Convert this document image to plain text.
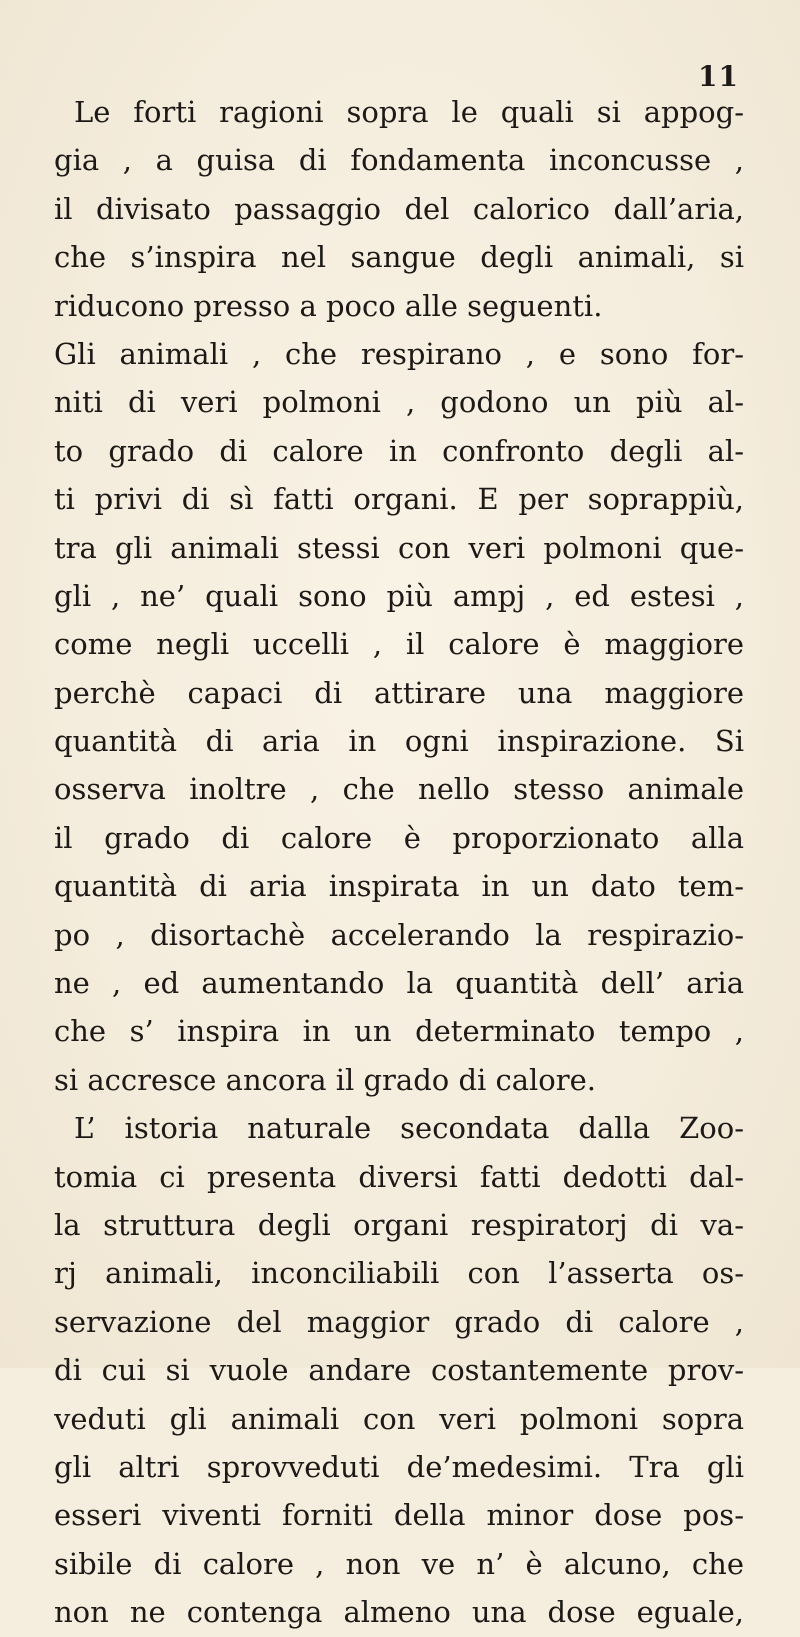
11
Le forti ragioni sopra le quali si appog-
gia , a guisa di fondamenta inconcusse ,
il divisato passaggio del calorico dall’aria,
che s’inspira nel sangue degli animali, si
riducono presso a poco alle seguenti.
Gli animali , che respirano , e sono for-
niti di veri polmoni , godono un più al-
to grado di calore in confronto degli al-
ti privi di sì fatti organi. E per soprappiù,
tra gli animali stessi con veri polmoni que-
gli , ne’ quali sono più ampj , ed estesi ,
come negli uccelli , il calore è maggiore
perchè capaci di attirare una maggiore
quantità di aria in ogni inspirazione. Si
osserva inoltre , che nello stesso animale
il grado di calore è proporzionato alla
quantità di aria inspirata in un dato tem-
po , disortachè accelerando la respirazio-
ne , ed aumentando la quantità dell’ aria
che s’ inspira in un determinato tempo ,
si accresce ancora il grado di calore.
L’ istoria naturale secondata dalla Zoo-
tomia ci presenta diversi fatti dedotti dal-
la struttura degli organi respiratorj di va-
rj animali, inconciliabili con l’asserta os-
servazione del maggior grado di calore ,
di cui si vuole andare costantemente prov-
veduti gli animali con veri polmoni sopra
gli altri sprovveduti de’medesimi. Tra gli
esseri viventi forniti della minor dose pos-
sibile di calore , non ve n’ è alcuno, che
non ne contenga almeno una dose eguale,
